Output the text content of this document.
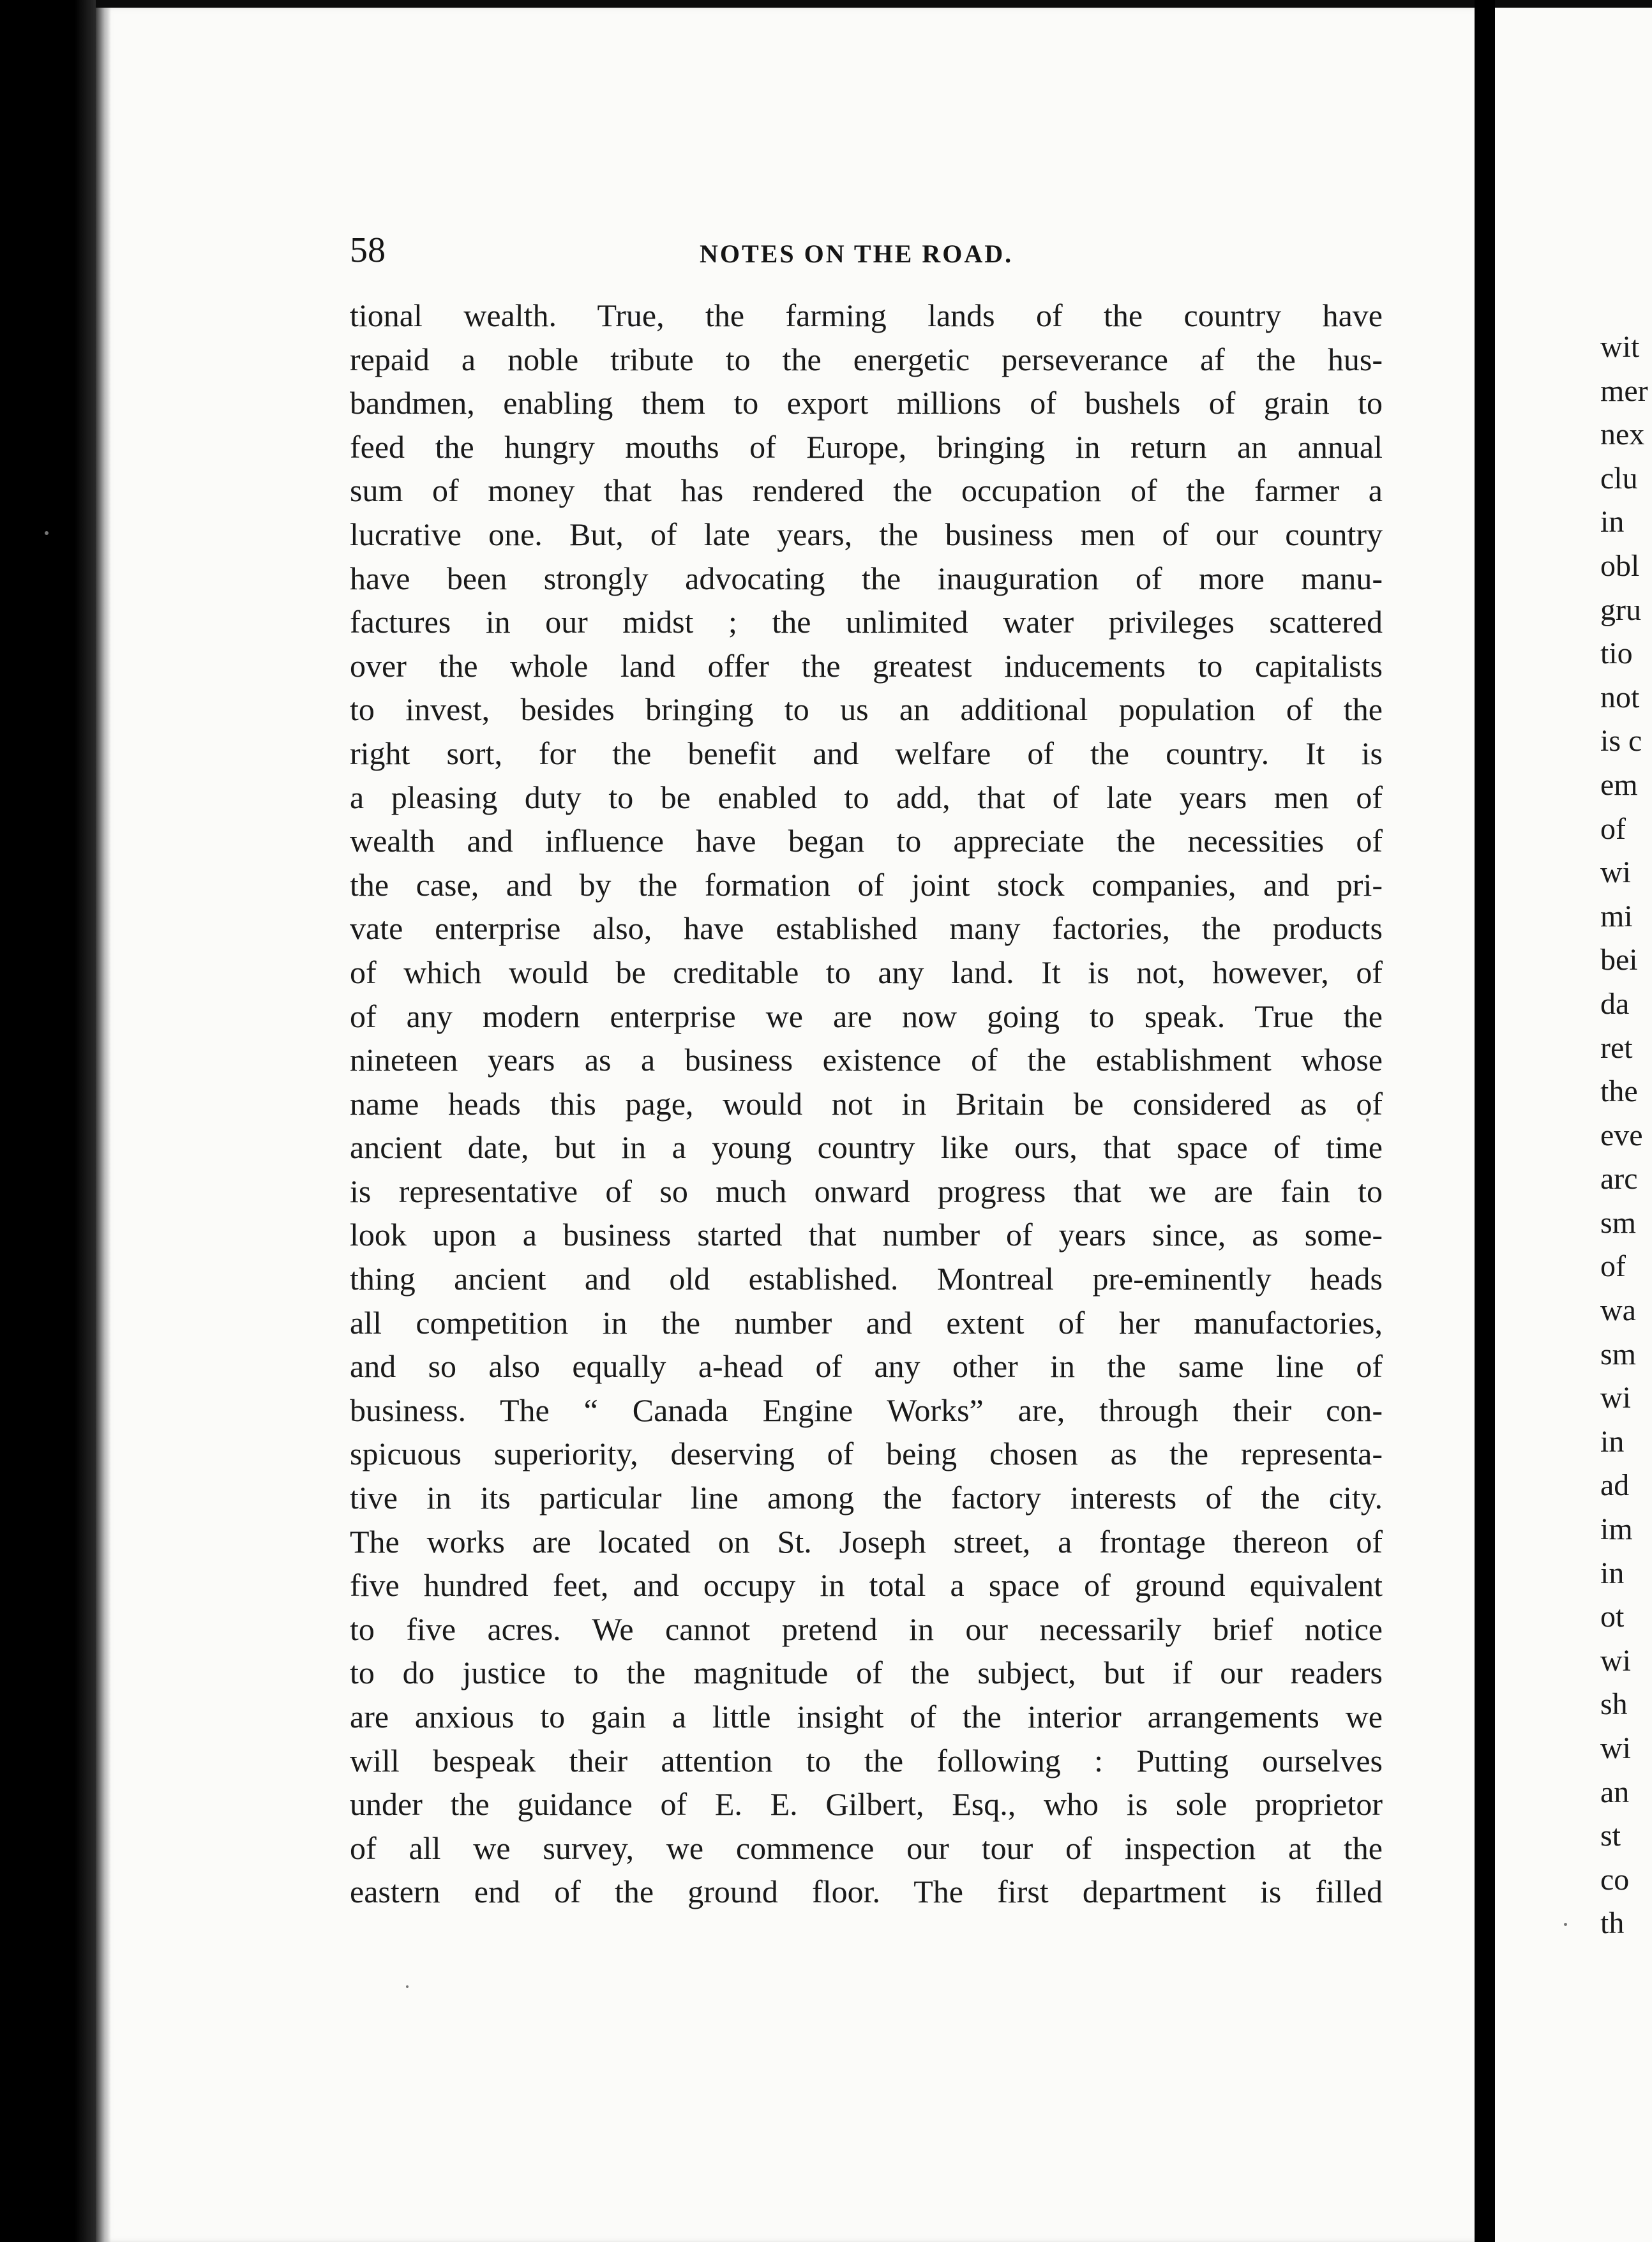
58	NOTES ON THE ROAD.
tional wealth. True, the farming lands of the country have
repaid a noble tribute to the energetic perseverance af the hus-
bandmen, enabling them to export millions of bushels of grain to
feed the hungry mouths of Europe, bringing in return an annual
sum of money that has rendered the occupation of the farmer a
lucrative one. But, of late years, the business men of our country
have been strongly advocating the inauguration of more manu-
factures in our midst ; the unlimited water privileges scattered
over the whole land offer the greatest inducements to capitalists
to invest, besides bringing to us an additional population of the
right sort, for the benefit and welfare of the country. It is
a pleasing duty to be enabled to add, that of late years men of
wealth and influence have began to appreciate the necessities of
the case, and by the formation of joint stock companies, and pri-
vate enterprise also, have established many factories, the products
of which would be creditable to any land. It is not, however, of
of any modern enterprise we are now going to speak. True the
nineteen years as a business existence of the establishment whose
name heads this page, would not in Britain be considered as of
ancient date, but in a young country like ours, that space of time
is representative of so much onward progress that we are fain to
look upon a business started that number of years since, as some-
thing ancient and old established. Montreal pre-eminently heads
all competition in the number and extent of her manufactories,
and so also equally a-head of any other in the same line of
business. The “ Canada Engine Works” are, through their con-
spicuous superiority, deserving of being chosen as the representa-
tive in its particular line among the factory interests of the city.
The works are located on St. Joseph street, a frontage thereon of
five hundred feet, and occupy in total a space of ground equivalent
to five acres. We cannot pretend in our necessarily brief notice
to do justice to the magnitude of the subject, but if our readers
are anxious to gain a little insight of the interior arrangements we
will bespeak their attention to the following : Putting ourselves
under the guidance of E. E. Gilbert, Esq., who is sole proprietor
of all we survey, we commence our tour of inspection at the
eastern end of the ground floor. The first department is filled
wit
mer
nex
clu
in
obl
gru
tio
not
is c
em
of
wi
mi
bei
da
ret
the
eve
arc
sm
of
wa
sm
wi
in
ad
im
in
ot
wi
sh
wi
an
st
co
th
